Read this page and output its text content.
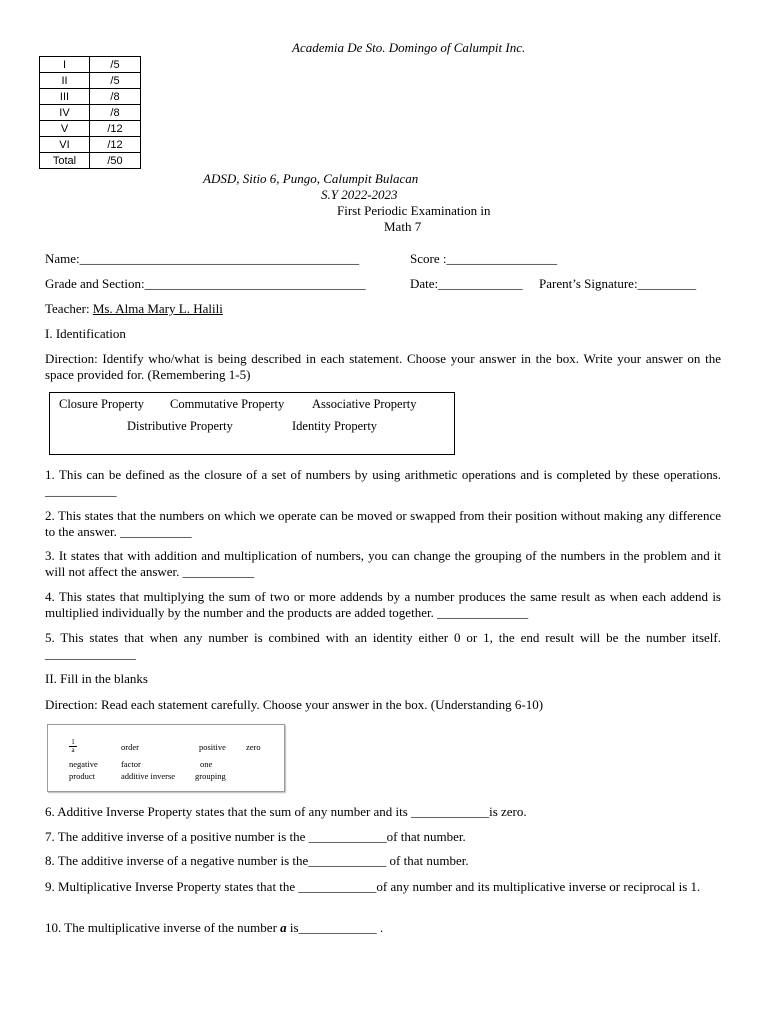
Academia De Sto. Domingo of Calumpit Inc.
I	/5
II	/5
III	/8
IV	/8
V	/12
VI	/12
Total	/50
ADSD, Sitio 6, Pungo, Calumpit Bulacan
S.Y 2022-2023
First Periodic Examination in
Math 7
Name:___________________________________________	Score :_________________
Grade and Section:__________________________________	Date:_____________ Parent’s Signature:_________
Teacher: Ms. Alma Mary L. Halili
I. Identification
Direction: Identify who/what is being described in each statement. Choose your answer in the box. Write your answer on the space provided for. (Remembering 1-5)
Closure Property Commutative Property Associative Property
Distributive Property	Identity Property
1. This can be defined as the closure of a set of numbers by using arithmetic operations and is completed by these operations. ___________
2. This states that the numbers on which we operate can be moved or swapped from their position without making any difference to the answer. ___________
3. It states that with addition and multiplication of numbers, you can change the grouping of the numbers in the problem and it will not affect the answer. ___________
4. This states that multiplying the sum of two or more addends by a number produces the same result as when each addend is multiplied individually by the number and the products are added together. ______________
5. This states that when any number is combined with an identity either 0 or 1, the end result will be the number itself. ______________
II. Fill in the blanks
Direction: Read each statement carefully. Choose your answer in the box. (Understanding 6-10)
$\frac{1}{a}$	order	positive zero
negative	factor	one
product	additive inverse grouping
6. Additive Inverse Property states that the sum of any number and its ____________is zero.
7. The additive inverse of a positive number is the ____________of that number.
8. The additive inverse of a negative number is the____________ of that number.
9. Multiplicative Inverse Property states that the ____________of any number and its multiplicative inverse or reciprocal is 1.
10. The multiplicative inverse of the number a is____________ .
